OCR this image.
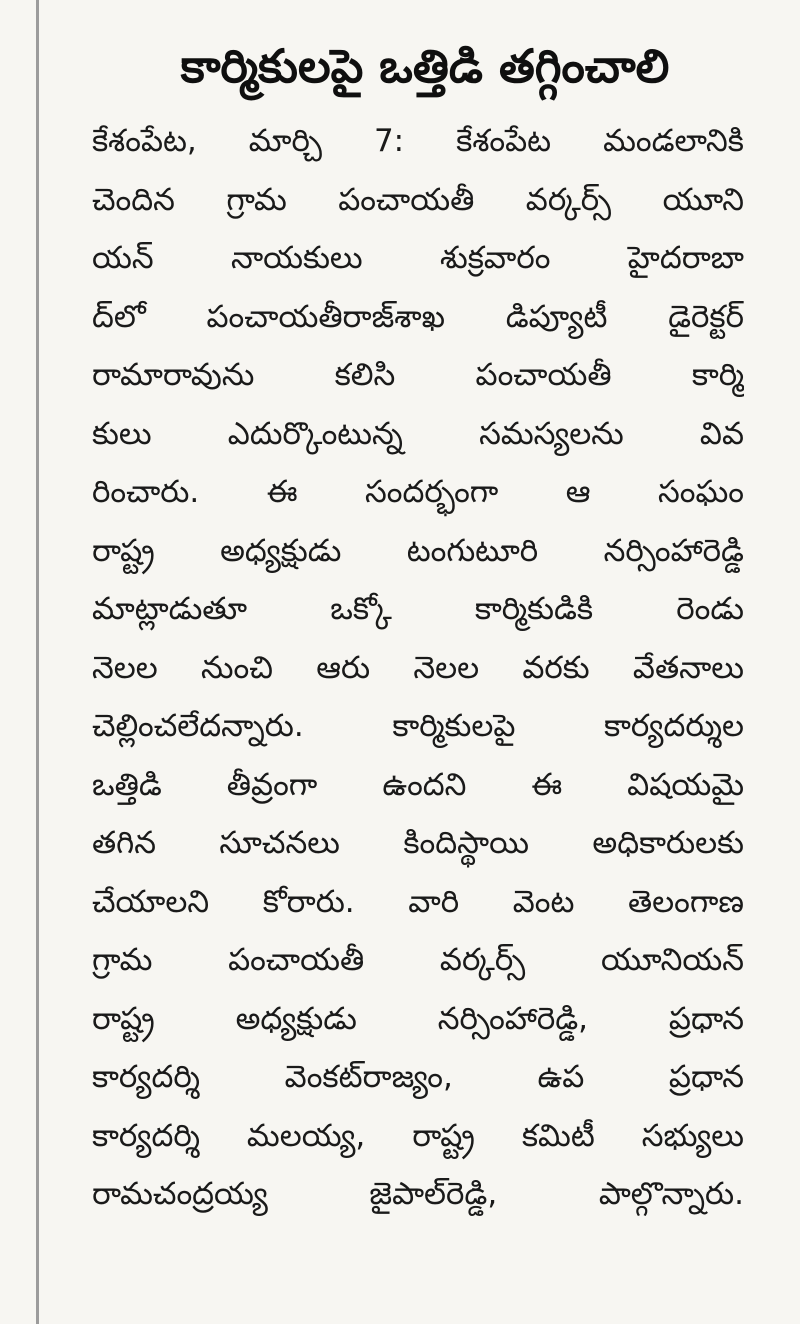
కార్మికులపై ఒత్తిడి తగ్గించాలి
కేశంపేట, మార్చి 7: కేశంపేట మండలానికి
చెందిన గ్రామ పంచాయతీ వర్కర్స్ యూని
యన్ నాయకులు శుక్రవారం హైదరాబా
ద్‌లో పంచాయతీరాజ్‌శాఖ డిప్యూటీ డైరెక్టర్
రామారావును కలిసి పంచాయతీ కార్మి
కులు ఎదుర్కొంటున్న సమస్యలను వివ
రించారు. ఈ సందర్భంగా ఆ సంఘం
రాష్ట్ర అధ్యక్షుడు టంగుటూరి నర్సింహారెడ్డి
మాట్లాడుతూ ఒక్కో కార్మికుడికి రెండు
నెలల నుంచి ఆరు నెలల వరకు వేతనాలు
చెల్లించలేదన్నారు. కార్మికులపై కార్యదర్శుల
ఒత్తిడి తీవ్రంగా ఉందని ఈ విషయమై
తగిన సూచనలు కిందిస్థాయి అధికారులకు
చేయాలని కోరారు. వారి వెంట తెలంగాణ
గ్రామ పంచాయతీ వర్కర్స్ యూనియన్
రాష్ట్ర అధ్యక్షుడు నర్సింహారెడ్డి, ప్రధాన
కార్యదర్శి వెంకట్‌రాజ్యం, ఉప ప్రధాన
కార్యదర్శి మలయ్య, రాష్ట్ర కమిటీ సభ్యులు
రామచంద్రయ్య జైపాల్‌రెడ్డి, పాల్గొన్నారు.
